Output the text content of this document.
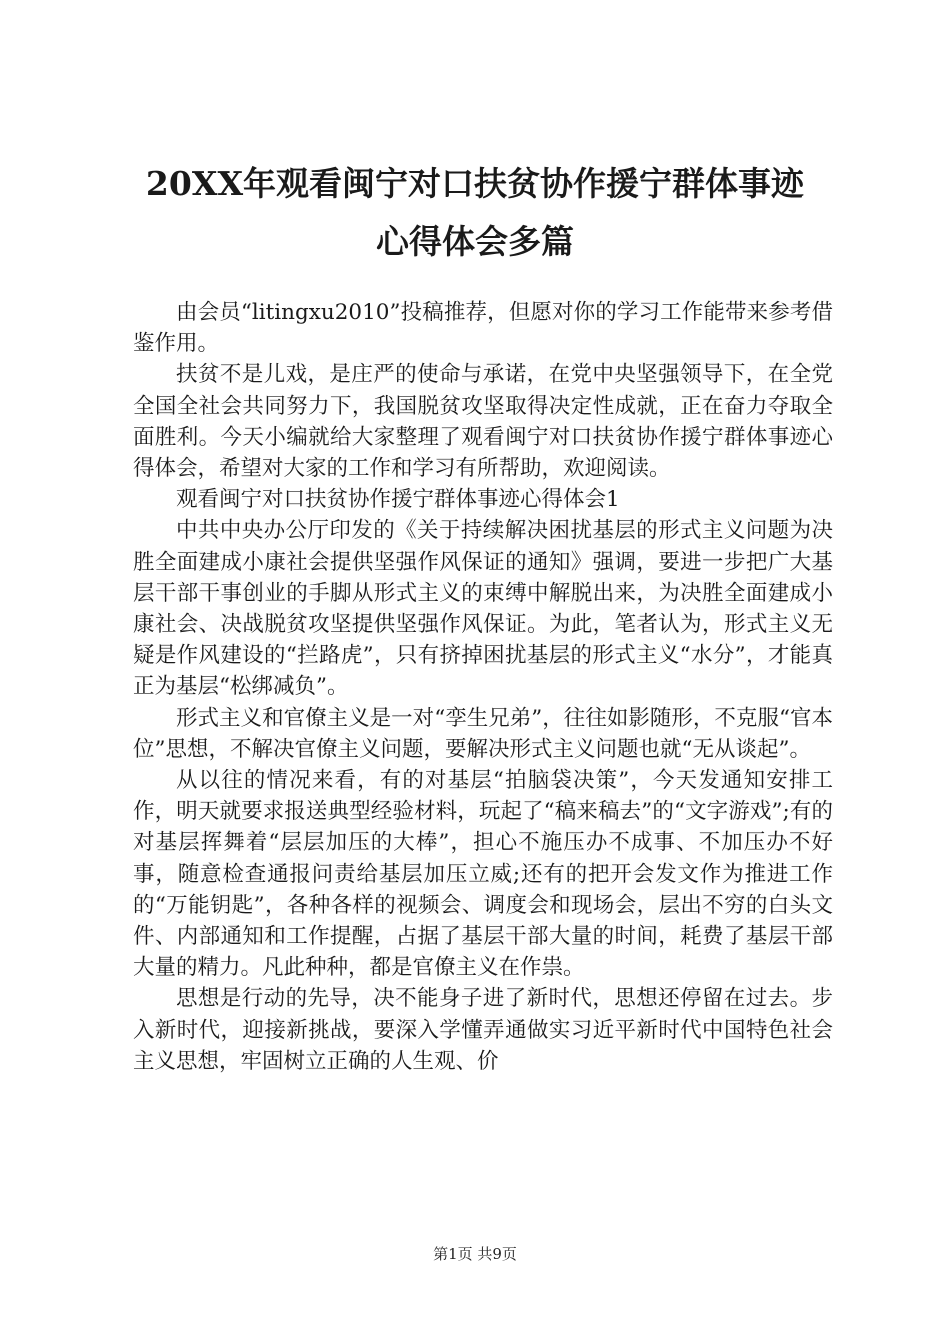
20XX年观看闽宁对口扶贫协作援宁群体事迹
心得体会多篇

由会员“litingxu2010”投稿推荐，但愿对你的学习工作能带来参考借鉴作用。

扶贫不是儿戏，是庄严的使命与承诺，在党中央坚强领导下，在全党全国全社会共同努力下，我国脱贫攻坚取得决定性成就，正在奋力夺取全面胜利。今天小编就给大家整理了观看闽宁对口扶贫协作援宁群体事迹心得体会，希望对大家的工作和学习有所帮助，欢迎阅读。

观看闽宁对口扶贫协作援宁群体事迹心得体会1

中共中央办公厅印发的《关于持续解决困扰基层的形式主义问题为决胜全面建成小康社会提供坚强作风保证的通知》强调，要进一步把广大基层干部干事创业的手脚从形式主义的束缚中解脱出来，为决胜全面建成小康社会、决战脱贫攻坚提供坚强作风保证。为此，笔者认为，形式主义无疑是作风建设的“拦路虎”，只有挤掉困扰基层的形式主义“水分”，才能真正为基层“松绑减负”。

形式主义和官僚主义是一对“孪生兄弟”，往往如影随形，不克服“官本位”思想，不解决官僚主义问题，要解决形式主义问题也就“无从谈起”。

从以往的情况来看，有的对基层“拍脑袋决策”，今天发通知安排工作，明天就要求报送典型经验材料，玩起了“稿来稿去”的“文字游戏”;有的对基层挥舞着“层层加压的大棒”，担心不施压办不成事、不加压办不好事，随意检查通报问责给基层加压立威;还有的把开会发文作为推进工作的“万能钥匙”，各种各样的视频会、调度会和现场会，层出不穷的白头文件、内部通知和工作提醒，占据了基层干部大量的时间，耗费了基层干部大量的精力。凡此种种，都是官僚主义在作祟。

思想是行动的先导，决不能身子进了新时代，思想还停留在过去。步入新时代，迎接新挑战，要深入学懂弄通做实习近平新时代中国特色社会主义思想，牢固树立正确的人生观、价

第1页 共9页
